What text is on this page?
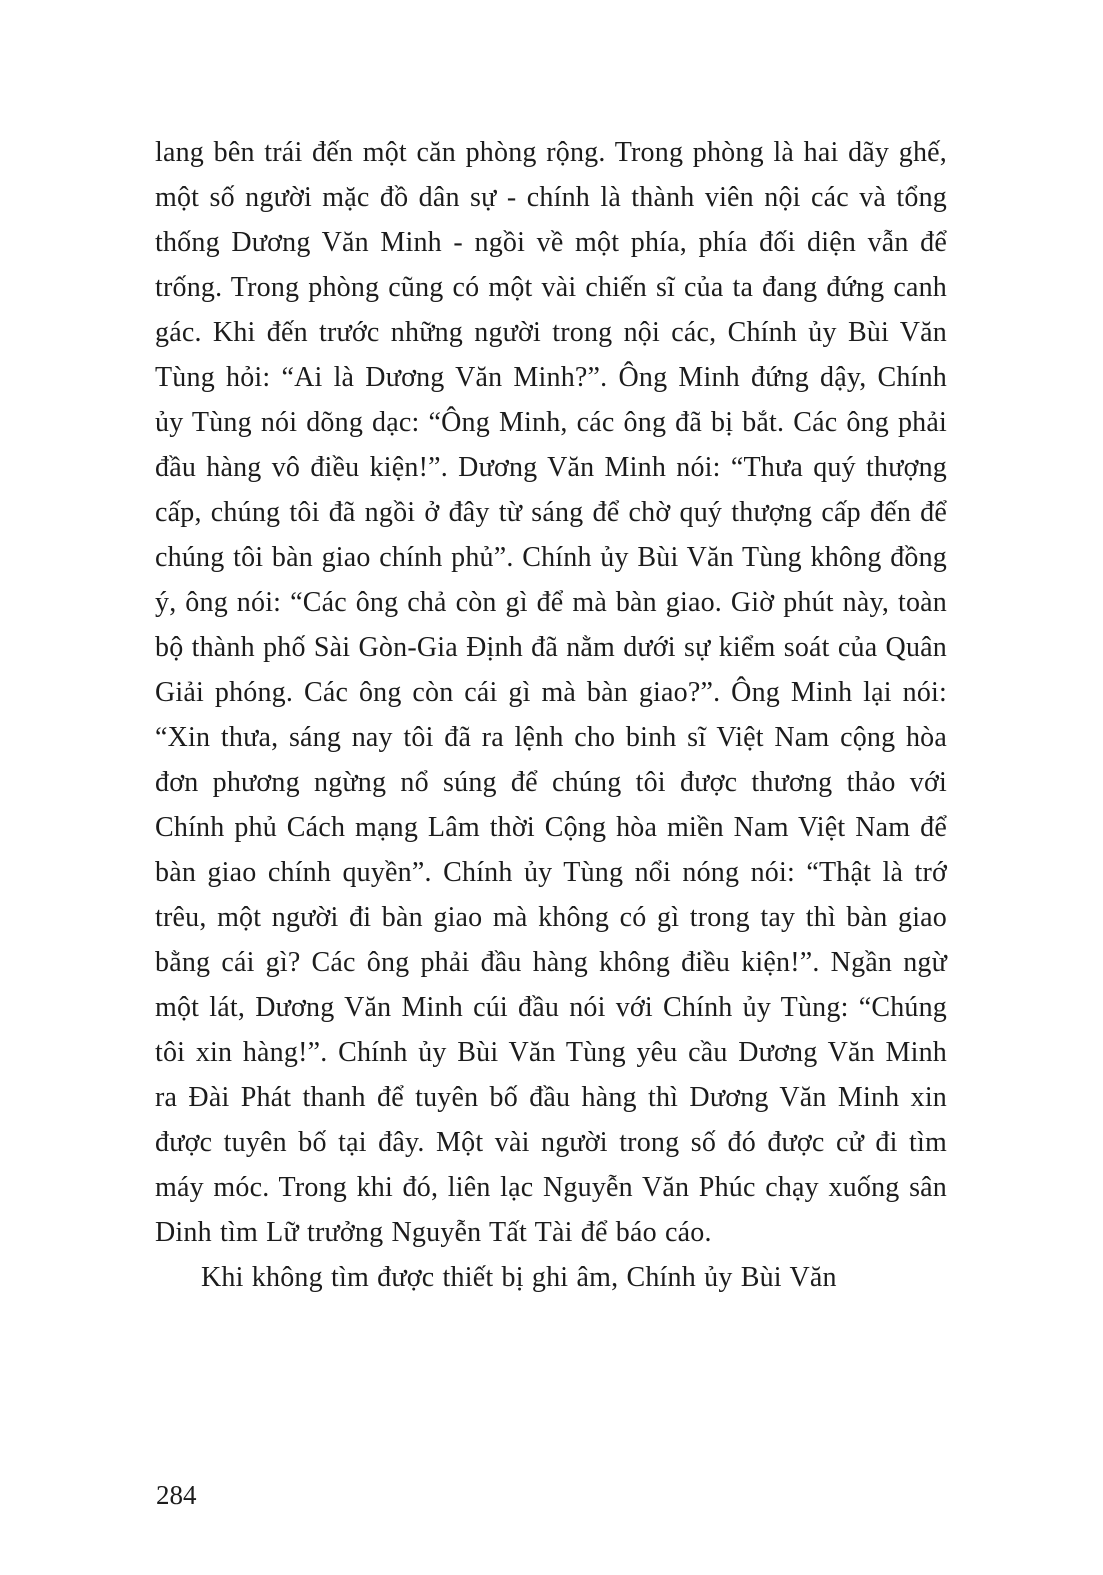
lang bên trái đến một căn phòng rộng. Trong phòng là hai dãy ghế, một số người mặc đồ dân sự - chính là thành viên nội các và tổng thống Dương Văn Minh - ngồi về một phía, phía đối diện vẫn để trống. Trong phòng cũng có một vài chiến sĩ của ta đang đứng canh gác. Khi đến trước những người trong nội các, Chính ủy Bùi Văn Tùng hỏi: “Ai là Dương Văn Minh?”. Ông Minh đứng dậy, Chính ủy Tùng nói dõng dạc: “Ông Minh, các ông đã bị bắt. Các ông phải đầu hàng vô điều kiện!”. Dương Văn Minh nói: “Thưa quý thượng cấp, chúng tôi đã ngồi ở đây từ sáng để chờ quý thượng cấp đến để chúng tôi bàn giao chính phủ”. Chính ủy Bùi Văn Tùng không đồng ý, ông nói: “Các ông chả còn gì để mà bàn giao. Giờ phút này, toàn bộ thành phố Sài Gòn-Gia Định đã nằm dưới sự kiểm soát của Quân Giải phóng. Các ông còn cái gì mà bàn giao?”. Ông Minh lại nói: “Xin thưa, sáng nay tôi đã ra lệnh cho binh sĩ Việt Nam cộng hòa đơn phương ngừng nổ súng để chúng tôi được thương thảo với Chính phủ Cách mạng Lâm thời Cộng hòa miền Nam Việt Nam để bàn giao chính quyền”. Chính ủy Tùng nổi nóng nói: “Thật là trớ trêu, một người đi bàn giao mà không có gì trong tay thì bàn giao bằng cái gì? Các ông phải đầu hàng không điều kiện!”. Ngần ngừ một lát, Dương Văn Minh cúi đầu nói với Chính ủy Tùng: “Chúng tôi xin hàng!”. Chính ủy Bùi Văn Tùng yêu cầu Dương Văn Minh ra Đài Phát thanh để tuyên bố đầu hàng thì Dương Văn Minh xin được tuyên bố tại đây. Một vài người trong số đó được cử đi tìm máy móc. Trong khi đó, liên lạc Nguyễn Văn Phúc chạy xuống sân Dinh tìm Lữ trưởng Nguyễn Tất Tài để báo cáo.

Khi không tìm được thiết bị ghi âm, Chính ủy Bùi Văn

284
